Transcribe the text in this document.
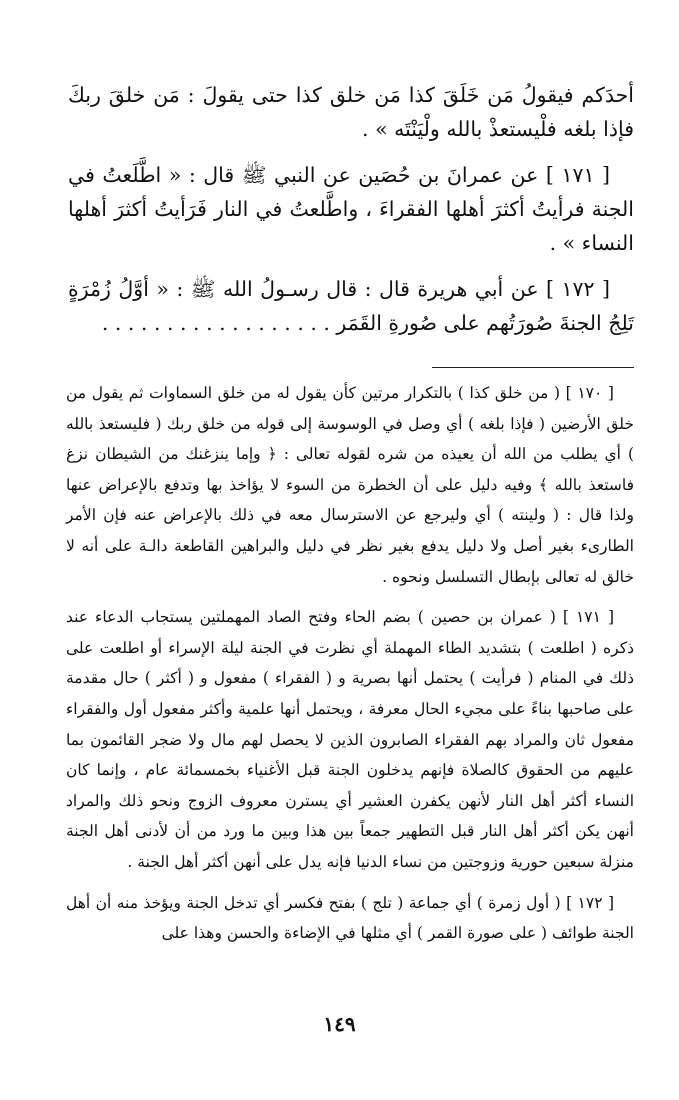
أحدَكم فيقولُ مَن خَلَقَ كذا مَن خلق كذا حتى يقولَ : مَن خلقَ ربكَ فإذا بلغه فلْيستعذْ بالله ولْيَنْتَه » .

[ ١٧١ ] عن عمرانَ بن حُصَين عن النبي ﷺ قال : « اطَّلَعتُ في الجنة فرأيتُ أكثرَ أهلها الفقراءَ ، واطَّلعتُ في النار فَرَأيتُ أكثرَ أهلها النساء » .

[ ١٧٢ ] عن أبي هريرة قال : قال رسـولُ الله ﷺ : « أوَّلُ زُمْرَةٍ تَلِجُ الجنةَ صُورَتُهم على صُورةِ القَمَر . . . . . . . . . . . . . . . . . .

[ ١٧٠ ] ( من خلق كذا ) بالتكرار مرتين كأن يقول له من خلق السماوات ثم يقول من خلق الأرضين ( فإذا بلغه ) أي وصل في الوسوسة إلى قوله من خلق ربك ( فليستعذ بالله ) أي يطلب من الله أن يعيذه من شره لقوله تعالى : ﴿ وإما ينزغنك من الشيطان نزغ فاستعذ بالله ﴾ وفيه دليل على أن الخطرة من السوء لا يؤاخذ بها وتدفع بالإعراض عنها ولذا قال : ( ولينته ) أي وليرجع عن الاسترسال معه في ذلك بالإعراض عنه فإن الأمر الطارىء بغير أصل ولا دليل يدفع بغير نظر في دليل والبراهين القاطعة دالـة على أنه لا خالق له تعالى بإبطال التسلسل ونحوه .

[ ١٧١ ] ( عمران بن حصين ) بضم الحاء وفتح الصاد المهملتين يستجاب الدعاء عند ذكره ( اطلعت ) بتشديد الطاء المهملة أي نظرت في الجنة ليلة الإسراء أو اطلعت على ذلك في المنام ( فرأيت ) يحتمل أنها بصرية و ( الفقراء ) مفعول و ( أكثر ) حال مقدمة على صاحبها بناءً على مجيء الحال معرفة ، ويحتمل أنها علمية وأكثر مفعول أول والفقراء مفعول ثان والمراد بهم الفقراء الصابرون الذين لا يحصل لهم مال ولا ضجر القائمون بما عليهم من الحقوق كالصلاة فإنهم يدخلون الجنة قبل الأغنياء بخمسمائة عام ، وإنما كان النساء أكثر أهل النار لأنهن يكفرن العشير أي يسترن معروف الزوج ونحو ذلك والمراد أنهن يكن أكثر أهل النار قبل التطهير جمعاً بين هذا وبين ما ورد من أن لأدنى أهل الجنة منزلة سبعين حورية وزوجتين من نساء الدنيا فإنه يدل على أنهن أكثر أهل الجنة .

[ ١٧٢ ] ( أول زمرة ) أي جماعة ( تلج ) بفتح فكسر أي تدخل الجنة ويؤخذ منه أن أهل الجنة طوائف ( على صورة القمر ) أي مثلها في الإضاءة والحسن وهذا على

١٤٩
